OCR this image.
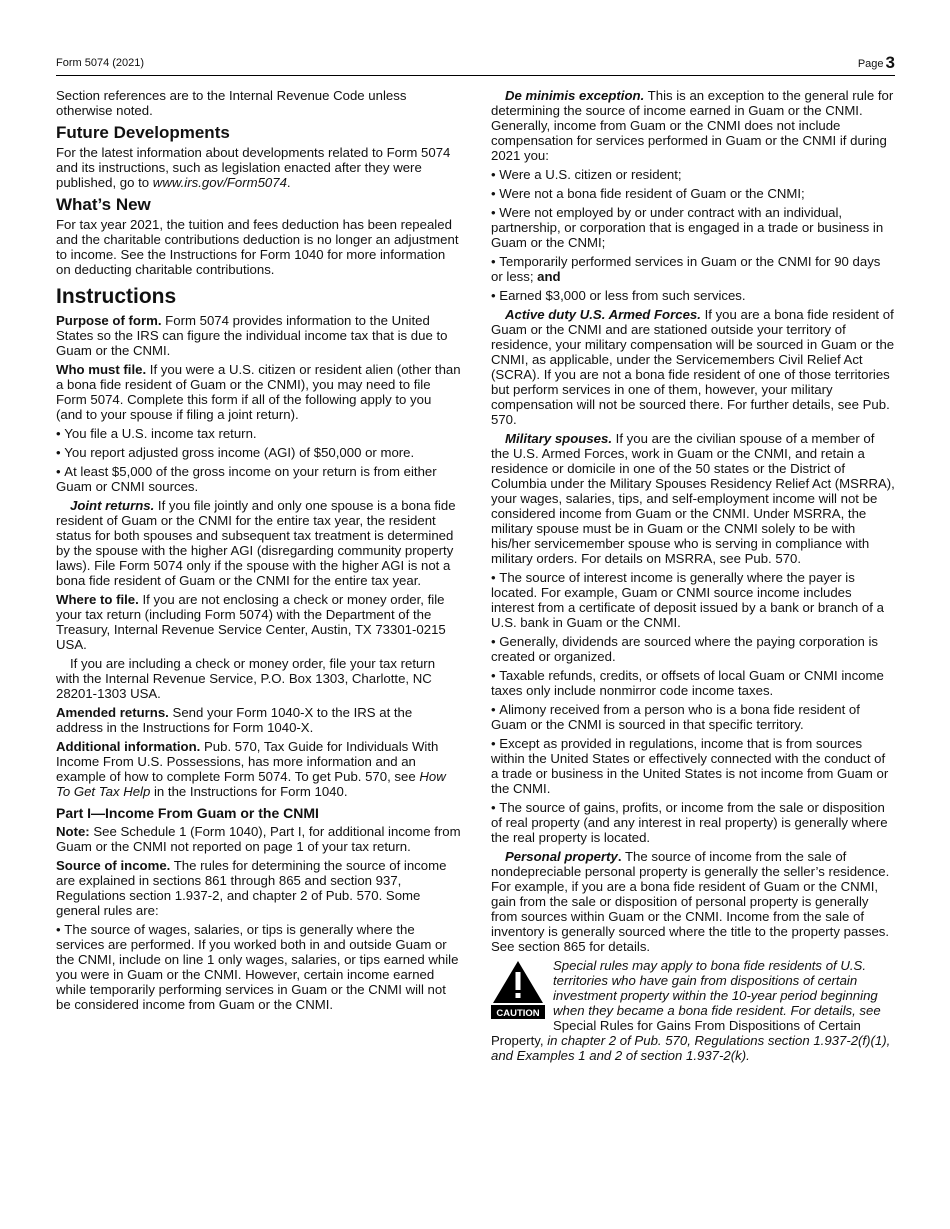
Form 5074 (2021)	Page 3

Section references are to the Internal Revenue Code unless otherwise noted.

Future Developments

For the latest information about developments related to Form 5074 and its instructions, such as legislation enacted after they were published, go to www.irs.gov/Form5074.

What’s New

For tax year 2021, the tuition and fees deduction has been repealed and the charitable contributions deduction is no longer an adjustment to income. See the Instructions for Form 1040 for more information on deducting charitable contributions.

Instructions

Purpose of form. Form 5074 provides information to the United States so the IRS can figure the individual income tax that is due to Guam or the CNMI.

Who must file. If you were a U.S. citizen or resident alien (other than a bona fide resident of Guam or the CNMI), you may need to file Form 5074. Complete this form if all of the following apply to you (and to your spouse if filing a joint return).

• You file a U.S. income tax return.
• You report adjusted gross income (AGI) of $50,000 or more.
• At least $5,000 of the gross income on your return is from either Guam or CNMI sources.

Joint returns. If you file jointly and only one spouse is a bona fide resident of Guam or the CNMI for the entire tax year, the resident status for both spouses and subsequent tax treatment is determined by the spouse with the higher AGI (disregarding community property laws). File Form 5074 only if the spouse with the higher AGI is not a bona fide resident of Guam or the CNMI for the entire tax year.

Where to file. If you are not enclosing a check or money order, file your tax return (including Form 5074) with the Department of the Treasury, Internal Revenue Service Center, Austin, TX 73301-0215 USA.

If you are including a check or money order, file your tax return with the Internal Revenue Service, P.O. Box 1303, Charlotte, NC 28201-1303 USA.

Amended returns. Send your Form 1040-X to the IRS at the address in the Instructions for Form 1040-X.

Additional information. Pub. 570, Tax Guide for Individuals With Income From U.S. Possessions, has more information and an example of how to complete Form 5074. To get Pub. 570, see How To Get Tax Help in the Instructions for Form 1040.

Part I—Income From Guam or the CNMI

Note: See Schedule 1 (Form 1040), Part I, for additional income from Guam or the CNMI not reported on page 1 of your tax return.

Source of income. The rules for determining the source of income are explained in sections 861 through 865 and section 937, Regulations section 1.937-2, and chapter 2 of Pub. 570. Some general rules are:

• The source of wages, salaries, or tips is generally where the services are performed. If you worked both in and outside Guam or the CNMI, include on line 1 only wages, salaries, or tips earned while you were in Guam or the CNMI. However, certain income earned while temporarily performing services in Guam or the CNMI will not be considered income from Guam or the CNMI.

De minimis exception. This is an exception to the general rule for determining the source of income earned in Guam or the CNMI. Generally, income from Guam or the CNMI does not include compensation for services performed in Guam or the CNMI if during 2021 you:

• Were a U.S. citizen or resident;
• Were not a bona fide resident of Guam or the CNMI;
• Were not employed by or under contract with an individual, partnership, or corporation that is engaged in a trade or business in Guam or the CNMI;
• Temporarily performed services in Guam or the CNMI for 90 days or less; and
• Earned $3,000 or less from such services.

Active duty U.S. Armed Forces. If you are a bona fide resident of Guam or the CNMI and are stationed outside your territory of residence, your military compensation will be sourced in Guam or the CNMI, as applicable, under the Servicemembers Civil Relief Act (SCRA). If you are not a bona fide resident of one of those territories but perform services in one of them, however, your military compensation will not be sourced there. For further details, see Pub. 570.

Military spouses. If you are the civilian spouse of a member of the U.S. Armed Forces, work in Guam or the CNMI, and retain a residence or domicile in one of the 50 states or the District of Columbia under the Military Spouses Residency Relief Act (MSRRA), your wages, salaries, tips, and self-employment income will not be considered income from Guam or the CNMI. Under MSRRA, the military spouse must be in Guam or the CNMI solely to be with his/her servicemember spouse who is serving in compliance with military orders. For details on MSRRA, see Pub. 570.

• The source of interest income is generally where the payer is located. For example, Guam or CNMI source income includes interest from a certificate of deposit issued by a bank or branch of a U.S. bank in Guam or the CNMI.
• Generally, dividends are sourced where the paying corporation is created or organized.
• Taxable refunds, credits, or offsets of local Guam or CNMI income taxes only include nonmirror code income taxes.
• Alimony received from a person who is a bona fide resident of Guam or the CNMI is sourced in that specific territory.
• Except as provided in regulations, income that is from sources within the United States or effectively connected with the conduct of a trade or business in the United States is not income from Guam or the CNMI.
• The source of gains, profits, or income from the sale or disposition of real property (and any interest in real property) is generally where the real property is located.

Personal property. The source of income from the sale of nondepreciable personal property is generally the seller’s residence. For example, if you are a bona fide resident of Guam or the CNMI, gain from the sale or disposition of personal property is generally from sources within Guam or the CNMI. Income from the sale of inventory is generally sourced where the title to the property passes. See section 865 for details.

CAUTION
Special rules may apply to bona fide residents of U.S. territories who have gain from dispositions of certain investment property within the 10-year period beginning when they became a bona fide resident. For details, see Special Rules for Gains From Dispositions of Certain Property, in chapter 2 of Pub. 570, Regulations section 1.937-2(f)(1), and Examples 1 and 2 of section 1.937-2(k).
